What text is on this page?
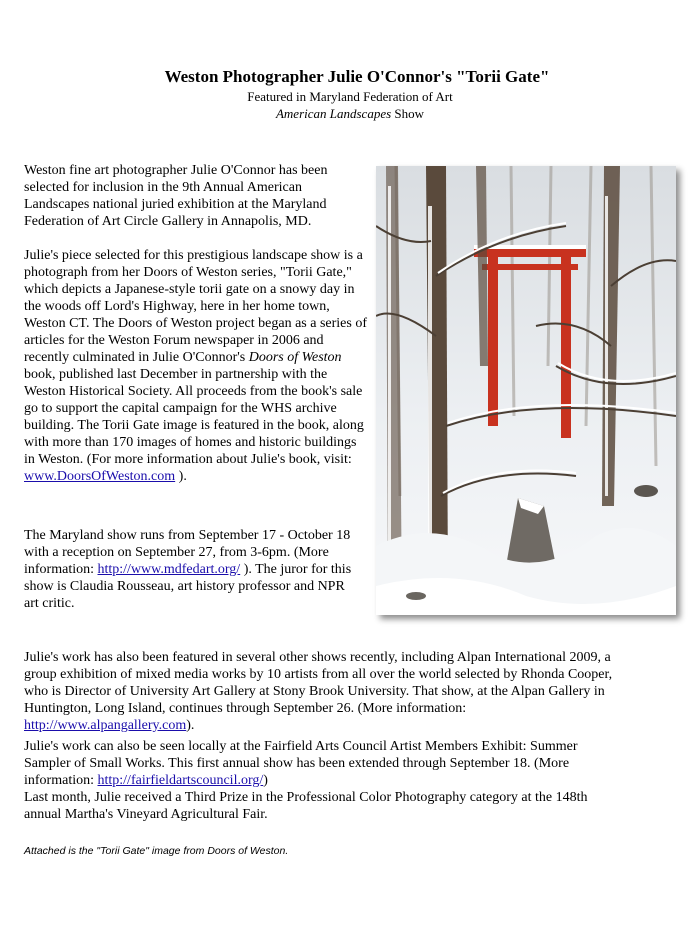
Weston Photographer Julie O'Connor's "Torii Gate"

Featured in Maryland Federation of Art

American Landscapes Show

Weston fine art photographer Julie O'Connor has been selected for inclusion in the 9th Annual American Landscapes national juried exhibition at the Maryland Federation of Art Circle Gallery in Annapolis, MD.

Julie's piece selected for this prestigious landscape show is a photograph from her Doors of Weston series, "Torii Gate," which depicts a Japanese-style torii gate on a snowy day in the woods off Lord's Highway, here in her home town, Weston CT. The Doors of Weston project began as a series of articles for the Weston Forum newspaper in 2006 and recently culminated in Julie O'Connor's Doors of Weston book, published last December in partnership with the Weston Historical Society. All proceeds from the book's sale go to support the capital campaign for the WHS archive building. The Torii Gate image is featured in the book, along with more than 170 images of homes and historic buildings in Weston. (For more information about Julie's book, visit: www.DoorsOfWeston.com ).

The Maryland show runs from September 17 - October 18 with a reception on September 27, from 3-6pm. (More information: http://www.mdfedart.org/ ). The juror for this show is Claudia Rousseau, art history professor and NPR
art critic.

Julie's work has also been featured in several other shows recently, including Alpan International 2009, a group exhibition of mixed media works by 10 artists from all over the world selected by Rhonda Cooper, who is Director of University Art Gallery at Stony Brook University. That show, at the Alpan Gallery in Huntington, Long Island, continues through September 26. (More information: http://www.alpangallery.com).

Julie's work can also be seen locally at the Fairfield Arts Council Artist Members Exhibit: Summer Sampler of Small Works. This first annual show has been extended through September 18. (More information: http://fairfieldartscouncil.org/)

Last month, Julie received a Third Prize in the Professional Color Photography category at the 148th annual Martha's Vineyard Agricultural Fair.

Attached is the "Torii Gate" image from Doors of Weston.
